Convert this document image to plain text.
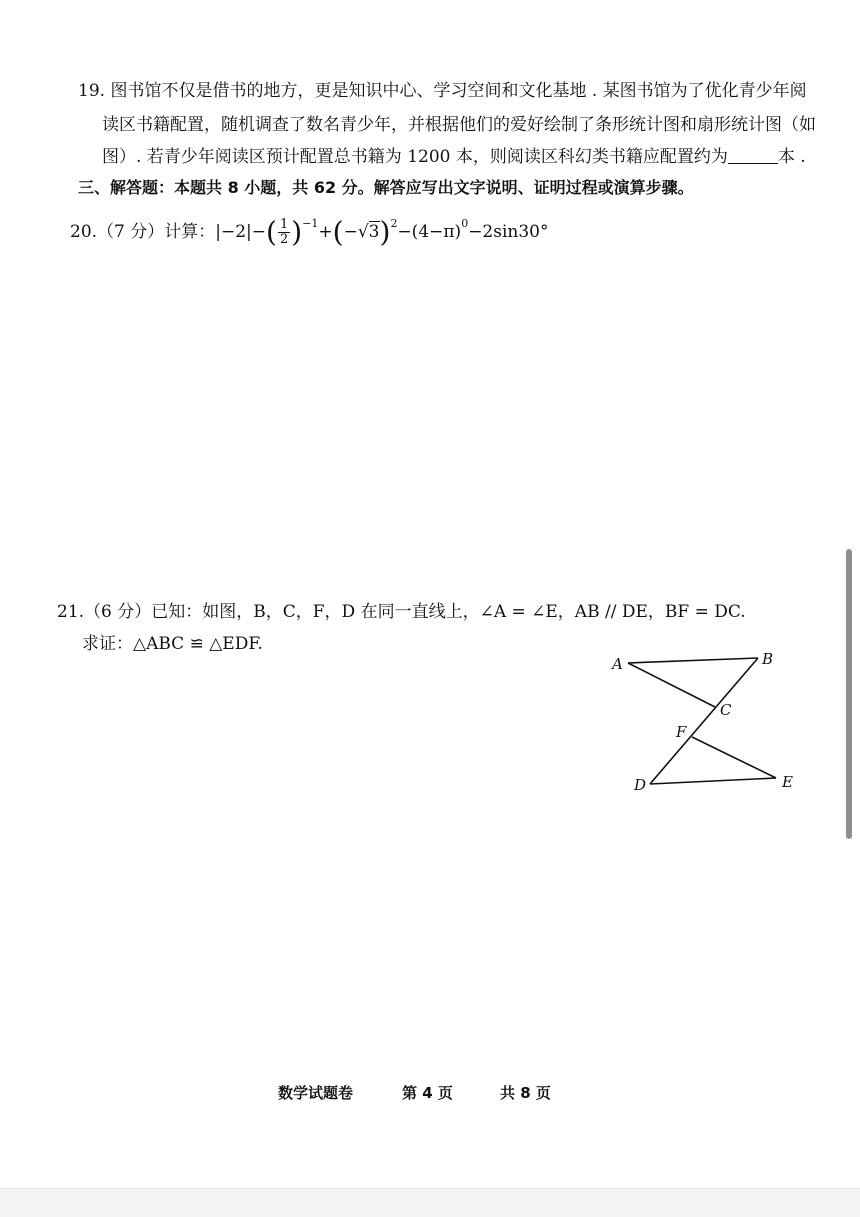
19. 图书馆不仅是借书的地方，更是知识中心、学习空间和文化基地 . 某图书馆为了优化青少年阅
读区书籍配置，随机调查了数名青少年，并根据他们的爱好绘制了条形统计图和扇形统计图（如
图）. 若青少年阅读区预计配置总书籍为 1200 本，则阅读区科幻类书籍应配置约为	本 .
三、解答题：本题共 8 小题，共 62 分。解答应写出文字说明、证明过程或演算步骤。
20.（7 分）计算：$|-2|-( \frac{1}{2} )^{-1}+(-√3)^2-(4-\pi)^0-2\sin 30^\circ$
21.（6 分）已知：如图，B，C，F，D 在同一直线上，∠A = ∠E，AB // DE，BF = DC.
求证：△ABC ≌ △EDF.
A	B
C
F
D	E
数学试题卷	第 4 页	共 8 页
